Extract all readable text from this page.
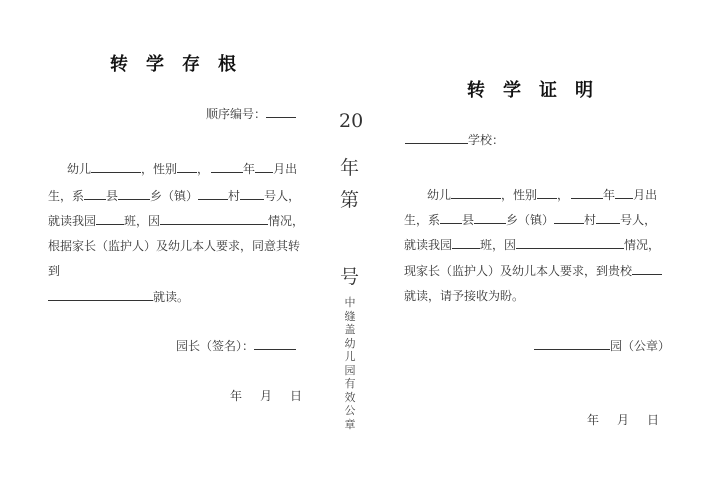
转学存根
顺序编号：
幼儿	，性别 ，	年 月出
生，系 县	乡（镇）	村 号人，
就读我园 班，因	情况，
根据家长（监护人）及幼儿本人要求，同意其转
到
就读。
园长（签名）：
年 月 日
20
年
第
号
中缝盖幼儿园有效公章
转学证明
学校：
幼儿	，性别 ，	年 月出
生，系 县	乡（镇）	村 号人，
就读我园 班，因	情况，
现家长（监护人）及幼儿本人要求，到贵校
就读，请予接收为盼。
园（公章）
年 月 日
